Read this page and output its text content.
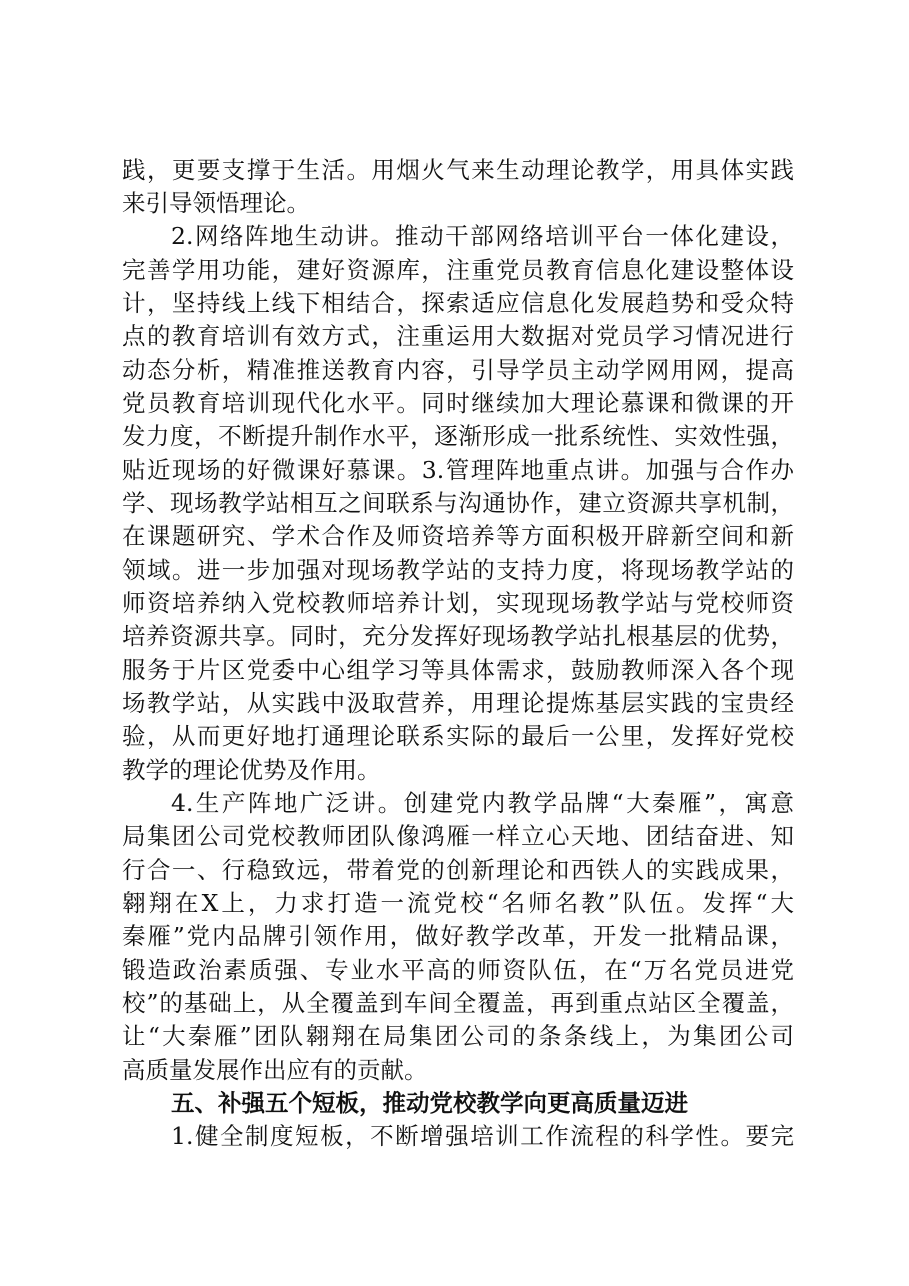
践，更要支撑于生活。用烟火气来生动理论教学，用具体实践
来引导领悟理论。
2.网络阵地生动讲。推动干部网络培训平台一体化建设，
完善学用功能，建好资源库，注重党员教育信息化建设整体设
计，坚持线上线下相结合，探索适应信息化发展趋势和受众特
点的教育培训有效方式，注重运用大数据对党员学习情况进行
动态分析，精准推送教育内容，引导学员主动学网用网，提高
党员教育培训现代化水平。同时继续加大理论慕课和微课的开
发力度，不断提升制作水平，逐渐形成一批系统性、实效性强，
贴近现场的好微课好慕课。3.管理阵地重点讲。加强与合作办
学、现场教学站相互之间联系与沟通协作，建立资源共享机制，
在课题研究、学术合作及师资培养等方面积极开辟新空间和新
领域。进一步加强对现场教学站的支持力度，将现场教学站的
师资培养纳入党校教师培养计划，实现现场教学站与党校师资
培养资源共享。同时，充分发挥好现场教学站扎根基层的优势，
服务于片区党委中心组学习等具体需求，鼓励教师深入各个现
场教学站，从实践中汲取营养，用理论提炼基层实践的宝贵经
验，从而更好地打通理论联系实际的最后一公里，发挥好党校
教学的理论优势及作用。
4.生产阵地广泛讲。创建党内教学品牌“大秦雁”，寓意
局集团公司党校教师团队像鸿雁一样立心天地、团结奋进、知
行合一、行稳致远，带着党的创新理论和西铁人的实践成果，
翱翔在X上，力求打造一流党校“名师名教”队伍。发挥“大
秦雁”党内品牌引领作用，做好教学改革，开发一批精品课，
锻造政治素质强、专业水平高的师资队伍，在“万名党员进党
校”的基础上，从全覆盖到车间全覆盖，再到重点站区全覆盖，
让“大秦雁”团队翱翔在局集团公司的条条线上，为集团公司
高质量发展作出应有的贡献。
五、补强五个短板，推动党校教学向更高质量迈进
1.健全制度短板，不断增强培训工作流程的科学性。要完
